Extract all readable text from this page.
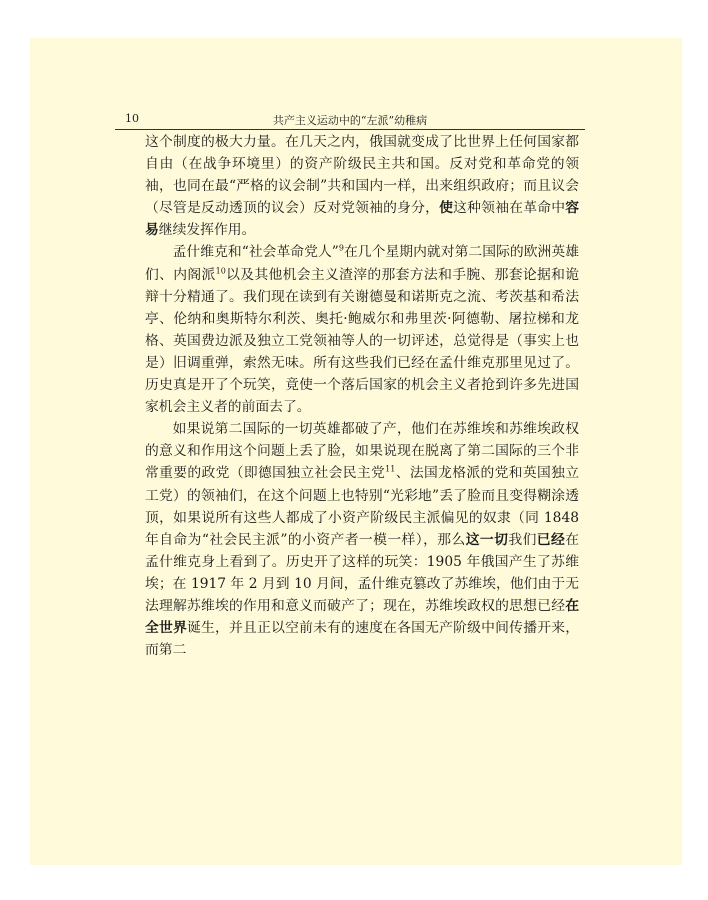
10	共产主义运动中的“左派”幼稚病

这个制度的极大力量。在几天之内，俄国就变成了比世界上任何国家都自由（在战争环境里）的资产阶级民主共和国。反对党和革命党的领袖，也同在最“严格的议会制”共和国内一样，出来组织政府；而且议会（尽管是反动透顶的议会）反对党领袖的身分，使这种领袖在革命中容易继续发挥作用。

孟什维克和“社会革命党人”$^9$在几个星期内就对第二国际的欧洲英雄们、内阁派$^{10}$以及其他机会主义渣滓的那套方法和手腕、那套论据和诡辩十分精通了。我们现在读到有关谢德曼和诺斯克之流、考茨基和希法亭、伦纳和奥斯特尔利茨、奥托·鲍威尔和弗里茨·阿德勒、屠拉梯和龙格、英国费边派及独立工党领袖等人的一切评述，总觉得是（事实上也是）旧调重弹，索然无味。所有这些我们已经在孟什维克那里见过了。历史真是开了个玩笑，竟使一个落后国家的机会主义者抢到许多先进国家机会主义者的前面去了。

如果说第二国际的一切英雄都破了产，他们在苏维埃和苏维埃政权的意义和作用这个问题上丢了脸，如果说现在脱离了第二国际的三个非常重要的政党（即德国独立社会民主党$^{11}$、法国龙格派的党和英国独立工党）的领袖们，在这个问题上也特别“光彩地”丢了脸而且变得糊涂透顶，如果说所有这些人都成了小资产阶级民主派偏见的奴隶（同 1848 年自命为“社会民主派”的小资产者一模一样），那么这一切我们已经在孟什维克身上看到了。历史开了这样的玩笑：1905 年俄国产生了苏维埃；在 1917 年 2 月到 10 月间，孟什维克篡改了苏维埃，他们由于无法理解苏维埃的作用和意义而破产了；现在，苏维埃政权的思想已经在全世界诞生，并且正以空前未有的速度在各国无产阶级中间传播开来，而第二
